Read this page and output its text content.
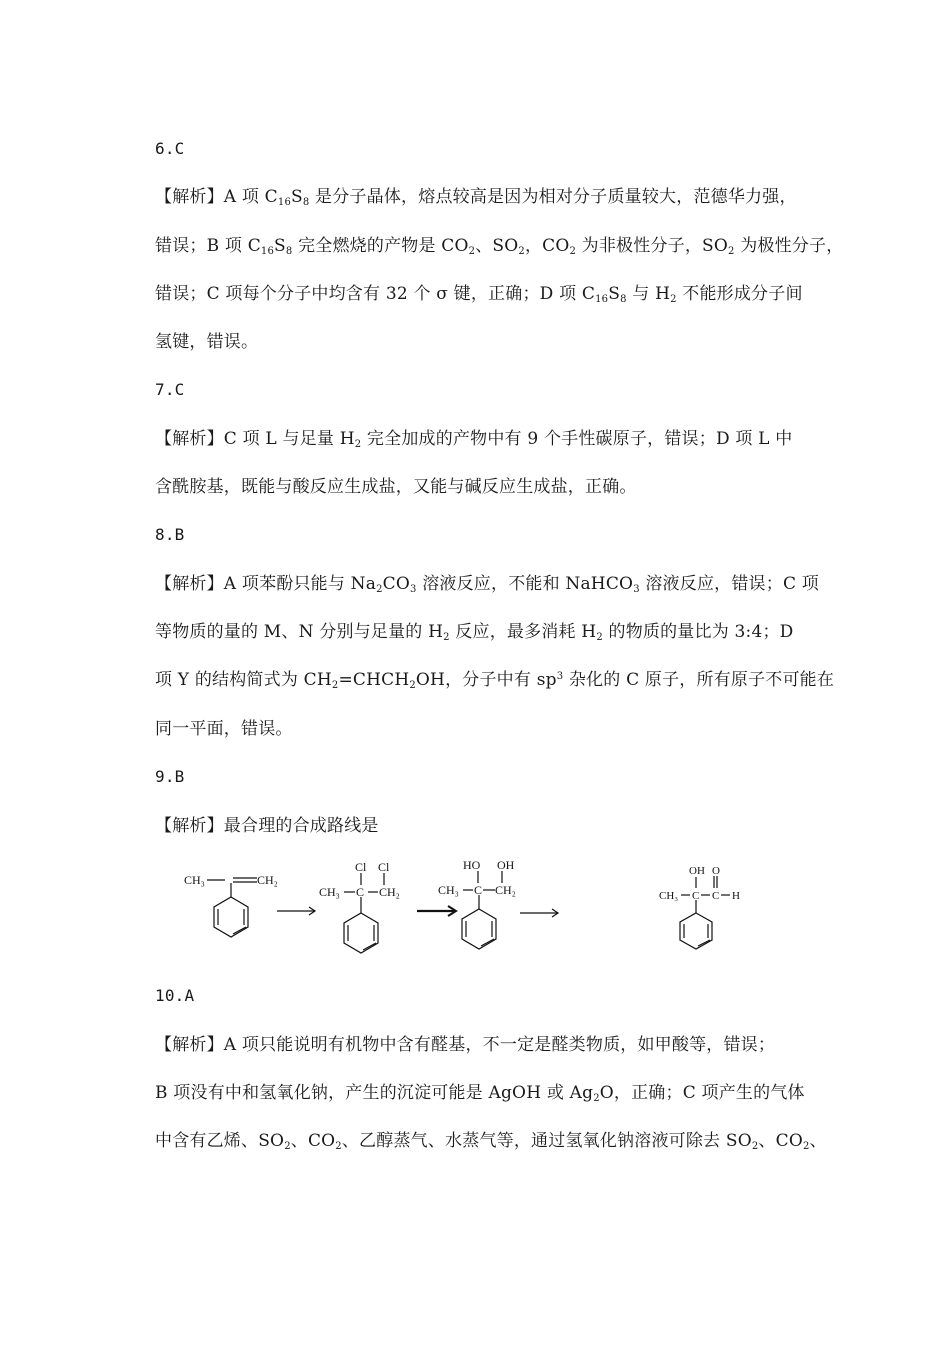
6.C
【解析】A 项 $C_{16}S_8$ 是分子晶体，熔点较高是因为相对分子质量较大，范德华力强，
错误；B 项 $C_{16}S_8$ 完全燃烧的产物是 $CO_2$、$SO_2$，$CO_2$ 为非极性分子，$SO_2$ 为极性分子，
错误；C 项每个分子中均含有 32 个 σ 键，正确；D 项 $C_{16}S_8$ 与 $H_2$ 不能形成分子间
氢键，错误。
7.C
【解析】C 项 L 与足量 $H_2$ 完全加成的产物中有 9 个手性碳原子，错误；D 项 L 中
含酰胺基，既能与酸反应生成盐，又能与碱反应生成盐，正确。
8.B
【解析】A 项苯酚只能与 $Na_2CO_3$ 溶液反应，不能和 NaHCO$_3$ 溶液反应，错误；C 项
等物质的量的 M、N 分别与足量的 $H_2$ 反应，最多消耗 $H_2$ 的物质的量比为 3:4；D
项 Y 的结构简式为 $CH_2=CHCH_2OH$，分子中有 $sp^3$ 杂化的 C 原子，所有原子不可能在
同一平面，错误。
9.B
【解析】最合理的合成路线是
CH₃	CH₂
Cl Cl
CH₃ C CH₂
HO OH
CH₃ C CH₂
OH O
CH₃ C C H
10.A
【解析】A 项只能说明有机物中含有醛基，不一定是醛类物质，如甲酸等，错误；
B 项没有中和氢氧化钠，产生的沉淀可能是 AgOH 或 $Ag_2O$，正确；C 项产生的气体
中含有乙烯、$SO_2$、$CO_2$、乙醇蒸气、水蒸气等，通过氢氧化钠溶液可除去 $SO_2$、$CO_2$、
